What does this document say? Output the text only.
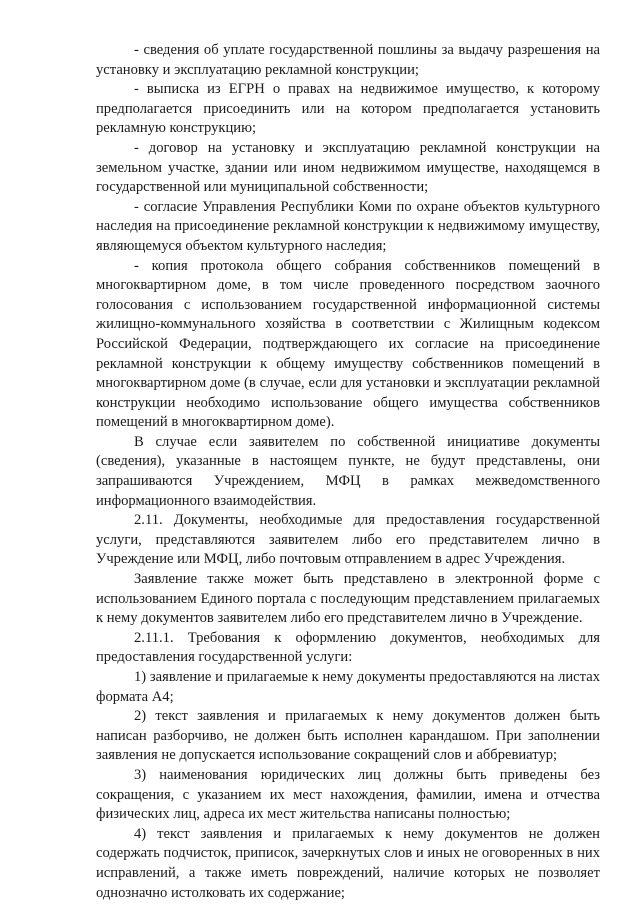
- сведения об уплате государственной пошлины за выдачу разрешения на установку и эксплуатацию рекламной конструкции;

- выписка из ЕГРН о правах на недвижимое имущество, к которому предполагается присоединить или на котором предполагается установить рекламную конструкцию;

- договор на установку и эксплуатацию рекламной конструкции на земельном участке, здании или ином недвижимом имуществе, находящемся в государственной или муниципальной собственности;

- согласие Управления Республики Коми по охране объектов культурного наследия на присоединение рекламной конструкции к недвижимому имуществу, являющемуся объектом культурного наследия;

- копия протокола общего собрания собственников помещений в многоквартирном доме, в том числе проведенного посредством заочного голосования с использованием государственной информационной системы жилищно-коммунального хозяйства в соответствии с Жилищным кодексом Российской Федерации, подтверждающего их согласие на присоединение рекламной конструкции к общему имуществу собственников помещений в многоквартирном доме (в случае, если для установки и эксплуатации рекламной конструкции необходимо использование общего имущества собственников помещений в многоквартирном доме).

В случае если заявителем по собственной инициативе документы (сведения), указанные в настоящем пункте, не будут представлены, они запрашиваются Учреждением, МФЦ в рамках межведомственного информационного взаимодействия.

2.11. Документы, необходимые для предоставления государственной услуги, представляются заявителем либо его представителем лично в Учреждение или МФЦ, либо почтовым отправлением в адрес Учреждения.

Заявление также может быть представлено в электронной форме с использованием Единого портала с последующим представлением прилагаемых к нему документов заявителем либо его представителем лично в Учреждение.

2.11.1. Требования к оформлению документов, необходимых для предоставления государственной услуги:

1) заявление и прилагаемые к нему документы предоставляются на листах формата А4;

2) текст заявления и прилагаемых к нему документов должен быть написан разборчиво, не должен быть исполнен карандашом. При заполнении заявления не допускается использование сокращений слов и аббревиатур;

3) наименования юридических лиц должны быть приведены без сокращения, с указанием их мест нахождения, фамилии, имена и отчества физических лиц, адреса их мест жительства написаны полностью;

4) текст заявления и прилагаемых к нему документов не должен содержать подчисток, приписок, зачеркнутых слов и иных не оговоренных в них исправлений, а также иметь повреждений, наличие которых не позволяет однозначно истолковать их содержание;
